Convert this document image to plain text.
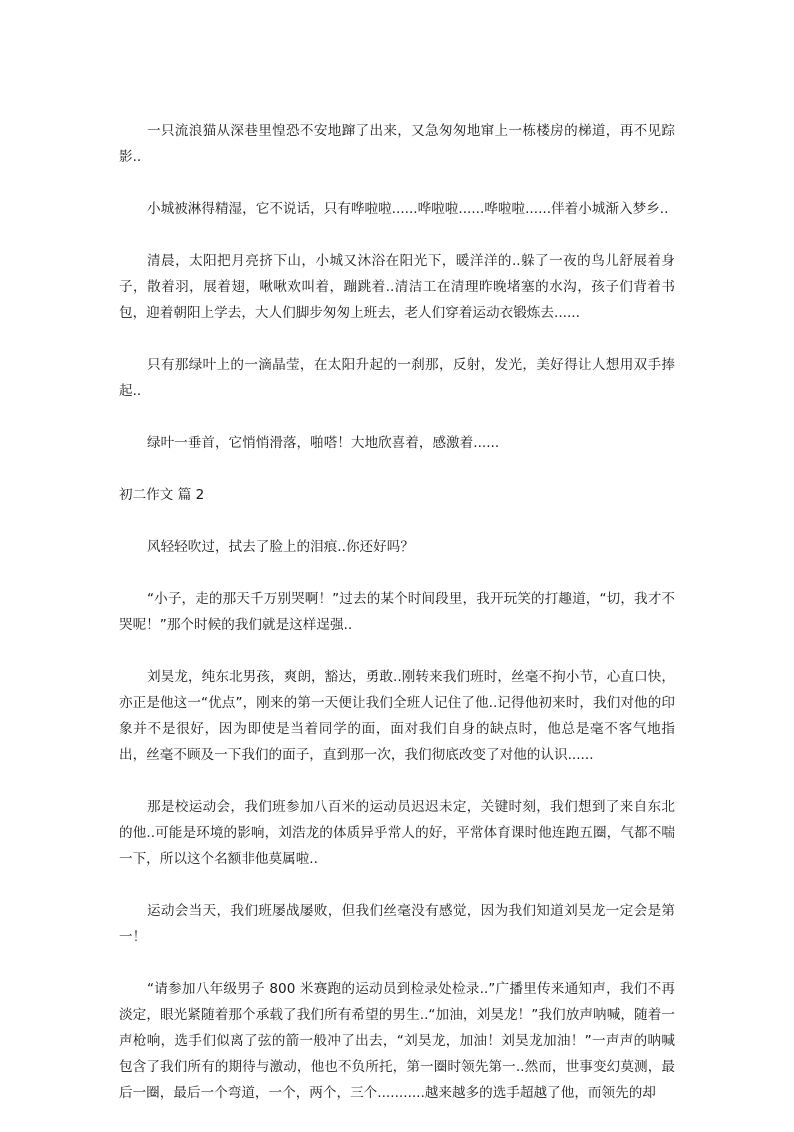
一只流浪猫从深巷里惶恐不安地蹿了出来，又急匆匆地窜上一栋楼房的梯道，再不见踪影..

小城被淋得精湿，它不说话，只有哗啦啦......哗啦啦......哗啦啦......伴着小城渐入梦乡..

清晨，太阳把月亮挤下山，小城又沐浴在阳光下，暖洋洋的..躲了一夜的鸟儿舒展着身子，散着羽，展着翅，啾啾欢叫着，蹦跳着..清洁工在清理昨晚堵塞的水沟，孩子们背着书包，迎着朝阳上学去，大人们脚步匆匆上班去，老人们穿着运动衣锻炼去......

只有那绿叶上的一滴晶莹，在太阳升起的一刹那，反射，发光，美好得让人想用双手捧起..

绿叶一垂首，它悄悄滑落，啪嗒！大地欣喜着，感激着......

初二作文 篇 2

风轻轻吹过，拭去了脸上的泪痕..你还好吗？

“小子，走的那天千万别哭啊！”过去的某个时间段里，我开玩笑的打趣道，“切，我才不哭呢！”那个时候的我们就是这样逞强..

刘昊龙，纯东北男孩，爽朗，豁达，勇敢..刚转来我们班时，丝毫不拘小节，心直口快，亦正是他这一“优点”，刚来的第一天便让我们全班人记住了他..记得他初来时，我们对他的印象并不是很好，因为即使是当着同学的面，面对我们自身的缺点时，他总是毫不客气地指出，丝毫不顾及一下我们的面子，直到那一次，我们彻底改变了对他的认识......

那是校运动会，我们班参加八百米的运动员迟迟未定，关键时刻，我们想到了来自东北的他..可能是环境的影响，刘浩龙的体质异乎常人的好，平常体育课时他连跑五圈，气都不喘一下，所以这个名额非他莫属啦..

运动会当天，我们班屡战屡败，但我们丝毫没有感觉，因为我们知道刘昊龙一定会是第一！

“请参加八年级男子 800 米赛跑的运动员到检录处检录..”广播里传来通知声，我们不再淡定，眼光紧随着那个承载了我们所有希望的男生..“加油，刘昊龙！”我们放声呐喊，随着一声枪响，选手们似离了弦的箭一般冲了出去，“刘昊龙，加油！刘昊龙加油！”一声声的呐喊包含了我们所有的期待与激动，他也不负所托，第一圈时领先第一..然而，世事变幻莫测，最后一圈，最后一个弯道，一个，两个，三个...........越来越多的选手超越了他，而领先的却
